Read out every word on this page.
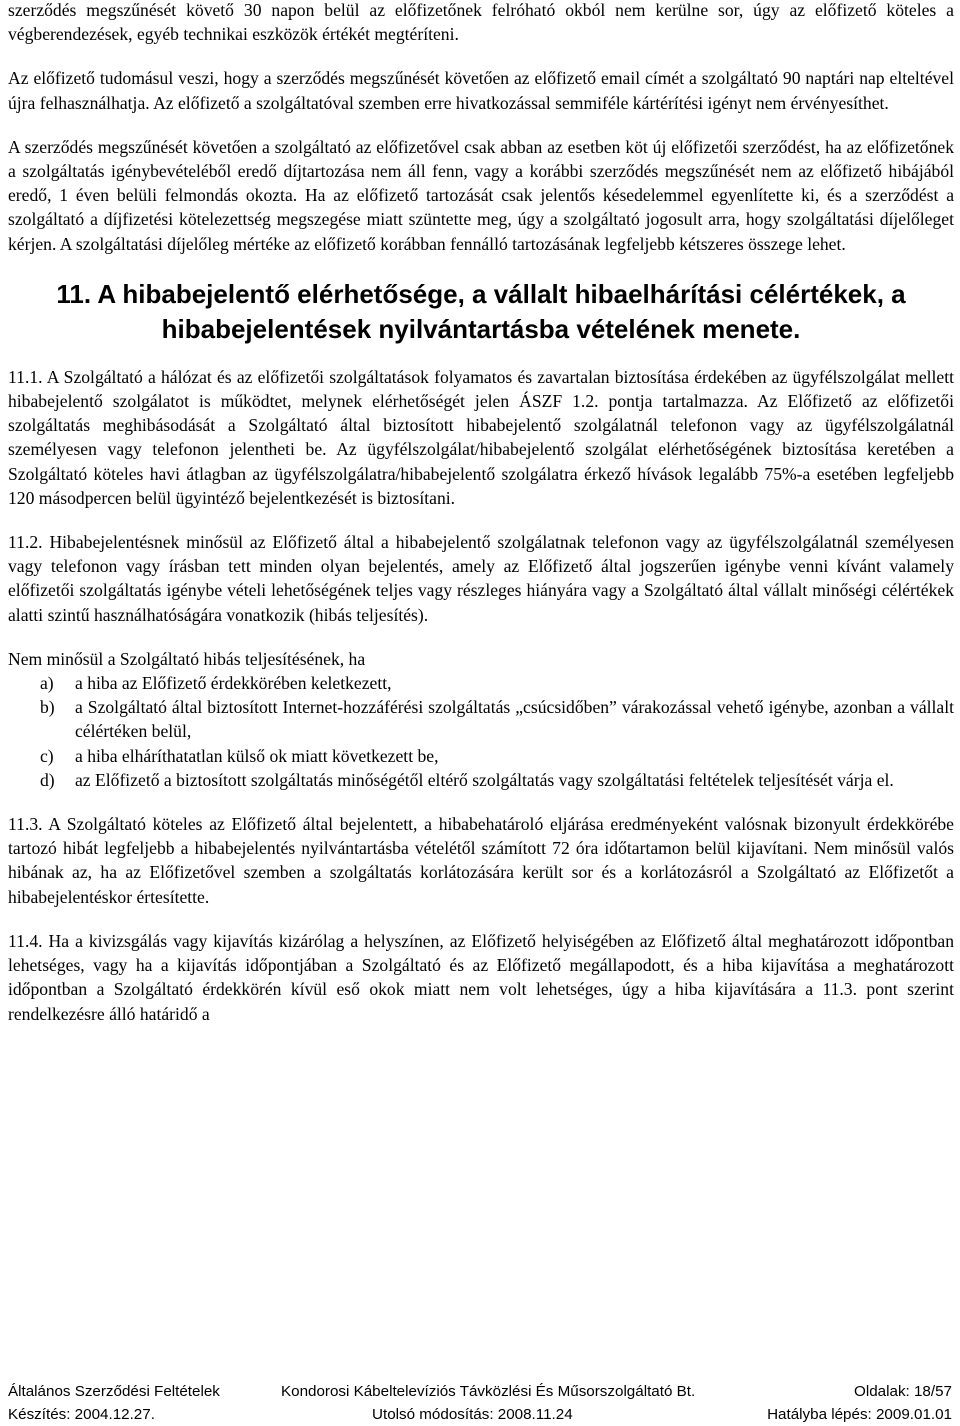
szerződés megszűnését követő 30 napon belül az előfizetőnek felróható okból nem kerülne sor, úgy az előfizető köteles a végberendezések, egyéb technikai eszközök értékét megtéríteni.

Az előfizető tudomásul veszi, hogy a szerződés megszűnését követően az előfizető email címét a szolgáltató 90 naptári nap elteltével újra felhasználhatja. Az előfizető a szolgáltatóval szemben erre hivatkozással semmiféle kártérítési igényt nem érvényesíthet.

A szerződés megszűnését követően a szolgáltató az előfizetővel csak abban az esetben köt új előfizetői szerződést, ha az előfizetőnek a szolgáltatás igénybevételéből eredő díjtartozása nem áll fenn, vagy a korábbi szerződés megszűnését nem az előfizető hibájából eredő, 1 éven belüli felmondás okozta. Ha az előfizető tartozását csak jelentős késedelemmel egyenlítette ki, és a szerződést a szolgáltató a díjfizetési kötelezettség megszegése miatt szüntette meg, úgy a szolgáltató jogosult arra, hogy szolgáltatási díjelőleget kérjen. A szolgáltatási díjelőleg mértéke az előfizető korábban fennálló tartozásának legfeljebb kétszeres összege lehet.

11. A hibabejelentő elérhetősége, a vállalt hibaelhárítási célértékek, a hibabejelentések nyilvántartásba vételének menete.

11.1. A Szolgáltató a hálózat és az előfizetői szolgáltatások folyamatos és zavartalan biztosítása érdekében az ügyfélszolgálat mellett hibabejelentő szolgálatot is működtet, melynek elérhetőségét jelen ÁSZF 1.2. pontja tartalmazza. Az Előfizető az előfizetői szolgáltatás meghibásodását a Szolgáltató által biztosított hibabejelentő szolgálatnál telefonon vagy az ügyfélszolgálatnál személyesen vagy telefonon jelentheti be. Az ügyfélszolgálat/hibabejelentő szolgálat elérhetőségének biztosítása keretében a Szolgáltató köteles havi átlagban az ügyfélszolgálatra/hibabejelentő szolgálatra érkező hívások legalább 75%-a esetében legfeljebb 120 másodpercen belül ügyintéző bejelentkezését is biztosítani.

11.2. Hibabejelentésnek minősül az Előfizető által a hibabejelentő szolgálatnak telefonon vagy az ügyfélszolgálatnál személyesen vagy telefonon vagy írásban tett minden olyan bejelentés, amely az Előfizető által jogszerűen igénybe venni kívánt valamely előfizetői szolgáltatás igénybe vételi lehetőségének teljes vagy részleges hiányára vagy a Szolgáltató által vállalt minőségi célértékek alatti szintű használhatóságára vonatkozik (hibás teljesítés).

Nem minősül a Szolgáltató hibás teljesítésének, ha

a) a hiba az Előfizető érdekkörében keletkezett,
b) a Szolgáltató által biztosított Internet-hozzáférési szolgáltatás „csúcsidőben” várakozással vehető igénybe, azonban a vállalt célértéken belül,
c) a hiba elháríthatatlan külső ok miatt következett be,
d) az Előfizető a biztosított szolgáltatás minőségétől eltérő szolgáltatás vagy szolgáltatási feltételek teljesítését várja el.

11.3. A Szolgáltató köteles az Előfizető által bejelentett, a hibabehatároló eljárása eredményeként valósnak bizonyult érdekkörébe tartozó hibát legfeljebb a hibabejelentés nyilvántartásba vételétől számított 72 óra időtartamon belül kijavítani. Nem minősül valós hibának az, ha az Előfizetővel szemben a szolgáltatás korlátozására került sor és a korlátozásról a Szolgáltató az Előfizetőt a hibabejelentéskor értesítette.

11.4. Ha a kivizsgálás vagy kijavítás kizárólag a helyszínen, az Előfizető helyiségében az Előfizető által meghatározott időpontban lehetséges, vagy ha a kijavítás időpontjában a Szolgáltató és az Előfizető megállapodott, és a hiba kijavítása a meghatározott időpontban a Szolgáltató érdekkörén kívül eső okok miatt nem volt lehetséges, úgy a hiba kijavítására a 11.3. pont szerint rendelkezésre álló határidő a

Általános Szerződési Feltételek	Kondorosi Kábeltelevíziós Távközlési És Műsorszolgáltató Bt.	Oldalak: 18/57
Készítés: 2004.12.27.	Utolsó módosítás: 2008.11.24	Hatályba lépés: 2009.01.01
